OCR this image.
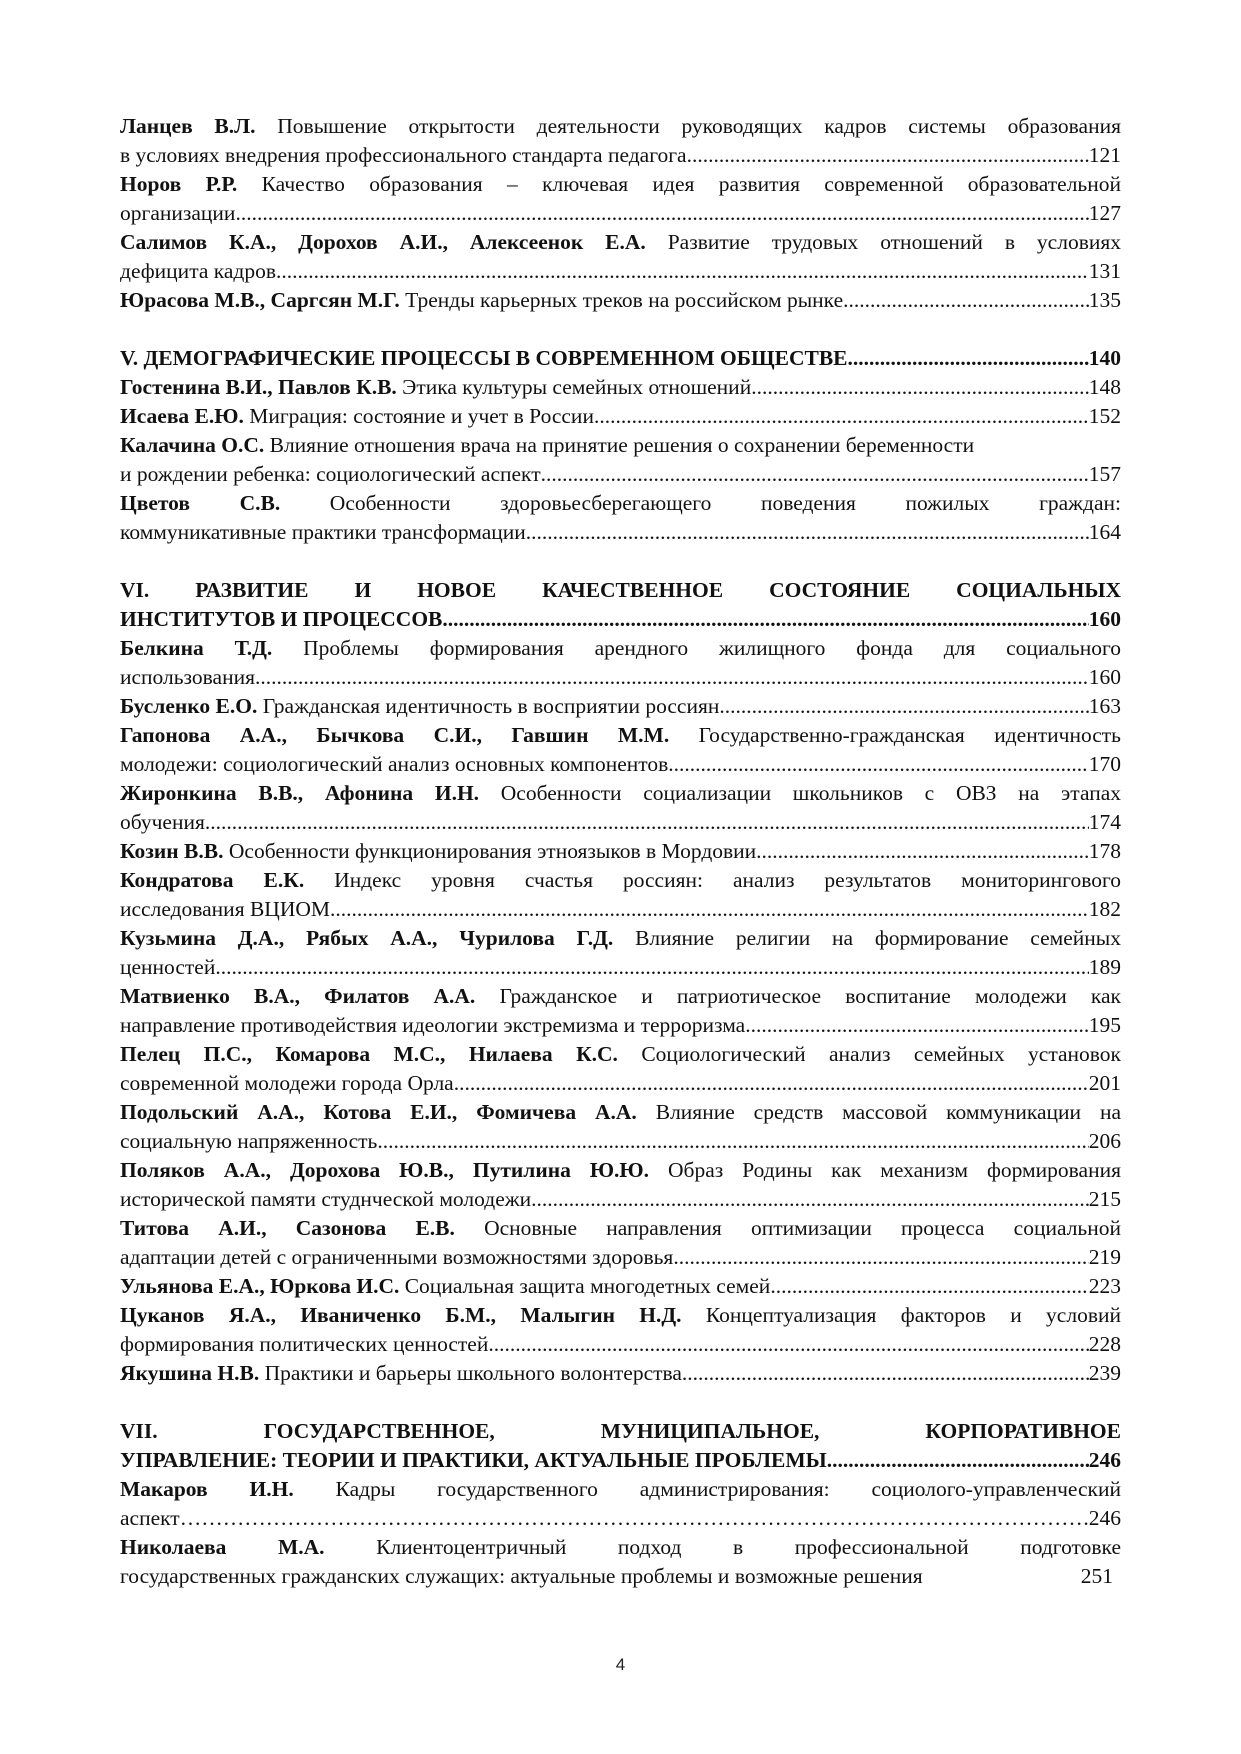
Ланцев В.Л. Повышение открытости деятельности руководящих кадров системы образования
в условиях внедрения профессионального стандарта педагога .....	121
Норов Р.Р. Качество образования – ключевая идея развития современной образовательной
организации .....	127
Салимов К.А., Дорохов А.И., Алексеенок Е.А. Развитие трудовых отношений в условиях
дефицита кадров .....	131
Юрасова М.В., Саргсян М.Г. Тренды карьерных треков на российском рынке .....	135
V. ДЕМОГРАФИЧЕСКИЕ ПРОЦЕССЫ В СОВРЕМЕННОМ ОБЩЕСТВЕ .....	140
Гостенина В.И., Павлов К.В. Этика культуры семейных отношений .....	148
Исаева Е.Ю. Миграция: состояние и учет в России .....	152
Калачина О.С. Влияние отношения врача на принятие решения о сохранении беременности
и рождении ребенка: социологический аспект .....	157
Цветов С.В. Особенности здоровьесберегающего поведения пожилых граждан:
коммуникативные практики трансформации .....	164
VI. РАЗВИТИЕ И НОВОЕ КАЧЕСТВЕННОЕ СОСТОЯНИЕ СОЦИАЛЬНЫХ
ИНСТИТУТОВ И ПРОЦЕССОВ .....	160
Белкина Т.Д. Проблемы формирования арендного жилищного фонда для социального
использования .....	160
Бусленко Е.О. Гражданская идентичность в восприятии россиян .....	163
Гапонова А.А., Бычкова С.И., Гавшин М.М. Государственно-гражданская идентичность
молодежи: социологический анализ основных компонентов .....	170
Жиронкина В.В., Афонина И.Н. Особенности социализации школьников с ОВЗ на этапах
обучения .....	174
Козин В.В. Особенности функционирования этноязыков в Мордовии .....	178
Кондратова Е.К. Индекс уровня счастья россиян: анализ результатов мониторингового
исследования ВЦИОМ .....	182
Кузьмина Д.А., Рябых А.А., Чурилова Г.Д. Влияние религии на формирование семейных
ценностей .....	189
Матвиенко В.А., Филатов А.А. Гражданское и патриотическое воспитание молодежи как
направление противодействия идеологии экстремизма и терроризма .....	195
Пелец П.С., Комарова М.С., Нилаева К.С. Социологический анализ семейных установок
современной молодежи города Орла .....	201
Подольский А.А., Котова Е.И., Фомичева А.А. Влияние средств массовой коммуникации на
социальную напряженность .....	206
Поляков А.А., Дорохова Ю.В., Путилина Ю.Ю. Образ Родины как механизм формирования
исторической памяти студнческой молодежи .....	215
Титова А.И., Сазонова Е.В. Основные направления оптимизации процесса социальной
адаптации детей с ограниченными возможностями здоровья .....	219
Ульянова Е.А., Юркова И.С. Социальная защита многодетных семей .....	223
Цуканов Я.А., Иваниченко Б.М., Малыгин Н.Д. Концептуализация факторов и условий
формирования политических ценностей .....	228
Якушина Н.В. Практики и барьеры школьного волонтерства .....	239
VII. ГОСУДАРСТВЕННОЕ, МУНИЦИПАЛЬНОЕ, КОРПОРАТИВНОЕ
УПРАВЛЕНИЕ: ТЕОРИИ И ПРАКТИКИ, АКТУАЛЬНЫЕ ПРОБЛЕМЫ .....	246
Макаров И.Н. Кадры государственного администрирования: социолого-управленческий
аспект …………………………………………………………………………………………………………………………………………………………	.246
Николаева М.А. Клиентоцентричный подход в профессиональной подготовке
государственных гражданских служащих: актуальные проблемы и возможные решения	251
4
